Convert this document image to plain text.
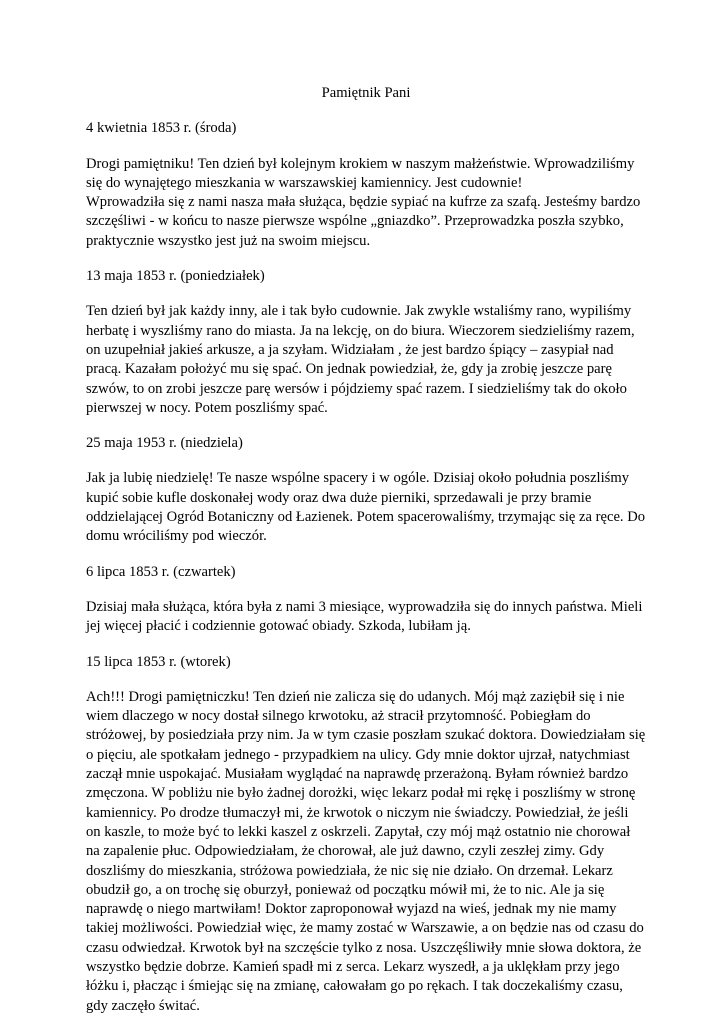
Pamiętnik Pani
4 kwietnia 1853 r. (środa)
Drogi pamiętniku! Ten dzień był kolejnym krokiem w naszym małżeństwie. Wprowadziliśmy się do wynajętego mieszkania w warszawskiej kamiennicy. Jest cudownie!
Wprowadziła się z nami nasza mała służąca, będzie sypiać na kufrze za szafą. Jesteśmy bardzo szczęśliwi - w końcu to nasze pierwsze wspólne „gniazdko”. Przeprowadzka poszła szybko, praktycznie wszystko jest już na swoim miejscu.
13 maja 1853 r. (poniedziałek)
Ten dzień był jak każdy inny, ale i tak było cudownie. Jak zwykle wstaliśmy rano, wypiliśmy herbatę i wyszliśmy rano do miasta. Ja na lekcję, on do biura. Wieczorem siedzieliśmy razem, on uzupełniał jakieś arkusze, a ja szyłam. Widziałam , że jest bardzo śpiący – zasypiał nad pracą. Kazałam położyć mu się spać. On jednak powiedział, że, gdy ja zrobię jeszcze parę szwów, to on zrobi jeszcze parę wersów i pójdziemy spać razem. I siedzieliśmy tak do około pierwszej w nocy. Potem poszliśmy spać.
25 maja 1953 r. (niedziela)
Jak ja lubię niedzielę! Te nasze wspólne spacery i w ogóle. Dzisiaj około południa poszliśmy kupić sobie kufle doskonałej wody oraz dwa duże pierniki, sprzedawali je przy bramie oddzielającej Ogród Botaniczny od Łazienek. Potem spacerowaliśmy, trzymając się za ręce. Do domu wróciliśmy pod wieczór.
6 lipca 1853 r. (czwartek)
Dzisiaj mała służąca, która była z nami 3 miesiące, wyprowadziła się do innych państwa. Mieli jej więcej płacić i codziennie gotować obiady. Szkoda, lubiłam ją.
15 lipca 1853 r. (wtorek)
Ach!!! Drogi pamiętniczku! Ten dzień nie zalicza się do udanych. Mój mąż zaziębił się i nie wiem dlaczego w nocy dostał silnego krwotoku, aż stracił przytomność. Pobiegłam do stróżowej, by posiedziała przy nim. Ja w tym czasie poszłam szukać doktora. Dowiedziałam się o pięciu, ale spotkałam jednego - przypadkiem na ulicy. Gdy mnie doktor ujrzał, natychmiast zaczął mnie uspokajać. Musiałam wyglądać na naprawdę przerażoną. Byłam również bardzo zmęczona. W pobliżu nie było żadnej dorożki, więc lekarz podał mi rękę i poszliśmy w stronę kamiennicy. Po drodze tłumaczył mi, że krwotok o niczym nie świadczy. Powiedział, że jeśli on kaszle, to może być to lekki kaszel z oskrzeli. Zapytał, czy mój mąż ostatnio nie chorował na zapalenie płuc. Odpowiedziałam, że chorował, ale już dawno, czyli zeszłej zimy. Gdy doszliśmy do mieszkania, stróżowa powiedziała, że nic się nie działo. On drzemał. Lekarz obudził go, a on trochę się oburzył, ponieważ od początku mówił mi, że to nic. Ale ja się naprawdę o niego martwiłam! Doktor zaproponował wyjazd na wieś, jednak my nie mamy takiej możliwości. Powiedział więc, że mamy zostać w Warszawie, a on będzie nas od czasu do czasu odwiedzał. Krwotok był na szczęście tylko z nosa. Uszczęśliwiły mnie słowa doktora, że wszystko będzie dobrze. Kamień spadł mi z serca. Lekarz wyszedł, a ja uklękłam przy jego łóżku i, płacząc i śmiejąc się na zmianę, całowałam go po rękach. I tak doczekaliśmy czasu, gdy zaczęło świtać.
